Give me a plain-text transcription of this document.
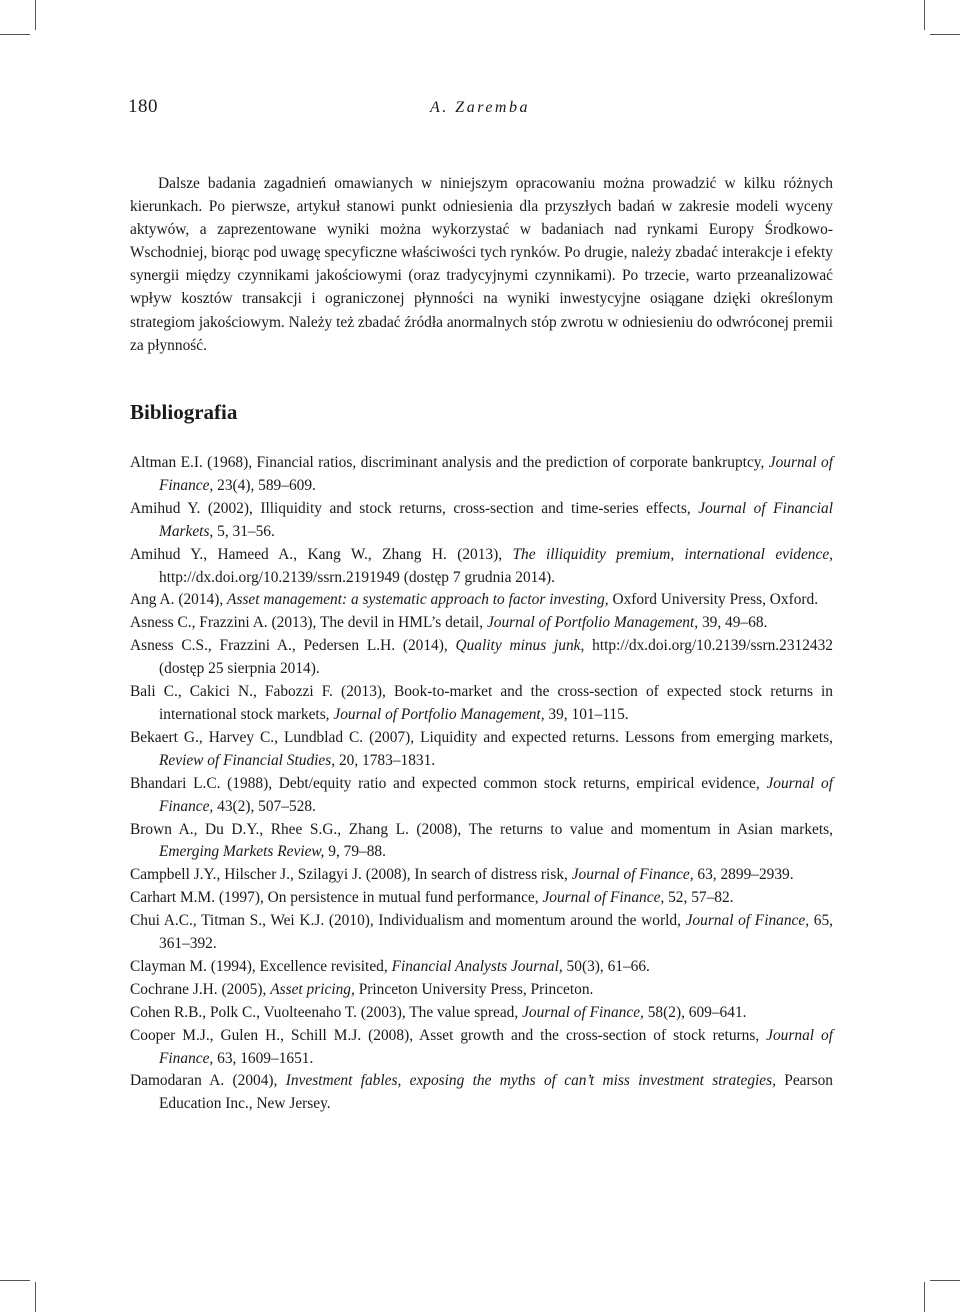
180	A. Zaremba

Dalsze badania zagadnień omawianych w niniejszym opracowaniu można prowadzić w kilku różnych kierunkach. Po pierwsze, artykuł stanowi punkt odniesienia dla przyszłych badań w zakresie modeli wyceny aktywów, a zaprezentowane wyniki można wykorzystać w badaniach nad rynkami Europy Środkowo-Wschodniej, biorąc pod uwagę specyficzne właściwości tych rynków. Po drugie, należy zbadać interakcje i efekty synergii między czynnikami jakościowymi (oraz tradycyjnymi czynnikami). Po trzecie, warto przeanalizować wpływ kosztów transakcji i ograniczonej płynności na wyniki inwestycyjne osiągane dzięki określonym strategiom jakościowym. Należy też zbadać źródła anormalnych stóp zwrotu w odniesieniu do odwróconej premii za płynność.

Bibliografia
Altman E.I. (1968), Financial ratios, discriminant analysis and the prediction of corporate bankruptcy, Journal of Finance, 23(4), 589–609.
Amihud Y. (2002), Illiquidity and stock returns, cross-section and time-series effects, Journal of Financial Markets, 5, 31–56.
Amihud Y., Hameed A., Kang W., Zhang H. (2013), The illiquidity premium, international evidence, http://dx.doi.org/10.2139/ssrn.2191949 (dostęp 7 grudnia 2014).
Ang A. (2014), Asset management: a systematic approach to factor investing, Oxford University Press, Oxford.
Asness C., Frazzini A. (2013), The devil in HML’s detail, Journal of Portfolio Management, 39, 49–68.
Asness C.S., Frazzini A., Pedersen L.H. (2014), Quality minus junk, http://dx.doi.org/10.2139/ssrn.2312432 (dostęp 25 sierpnia 2014).
Bali C., Cakici N., Fabozzi F. (2013), Book-to-market and the cross-section of expected stock returns in international stock markets, Journal of Portfolio Management, 39, 101–115.
Bekaert G., Harvey C., Lundblad C. (2007), Liquidity and expected returns. Lessons from emerging markets, Review of Financial Studies, 20, 1783–1831.
Bhandari L.C. (1988), Debt/equity ratio and expected common stock returns, empirical evidence, Journal of Finance, 43(2), 507–528.
Brown A., Du D.Y., Rhee S.G., Zhang L. (2008), The returns to value and momentum in Asian markets, Emerging Markets Review, 9, 79–88.
Campbell J.Y., Hilscher J., Szilagyi J. (2008), In search of distress risk, Journal of Finance, 63, 2899–2939.
Carhart M.M. (1997), On persistence in mutual fund performance, Journal of Finance, 52, 57–82.
Chui A.C., Titman S., Wei K.J. (2010), Individualism and momentum around the world, Journal of Finance, 65, 361–392.
Clayman M. (1994), Excellence revisited, Financial Analysts Journal, 50(3), 61–66.
Cochrane J.H. (2005), Asset pricing, Princeton University Press, Princeton.
Cohen R.B., Polk C., Vuolteenaho T. (2003), The value spread, Journal of Finance, 58(2), 609–641.
Cooper M.J., Gulen H., Schill M.J. (2008), Asset growth and the cross-section of stock returns, Journal of Finance, 63, 1609–1651.
Damodaran A. (2004), Investment fables, exposing the myths of can’t miss investment strategies, Pearson Education Inc., New Jersey.
